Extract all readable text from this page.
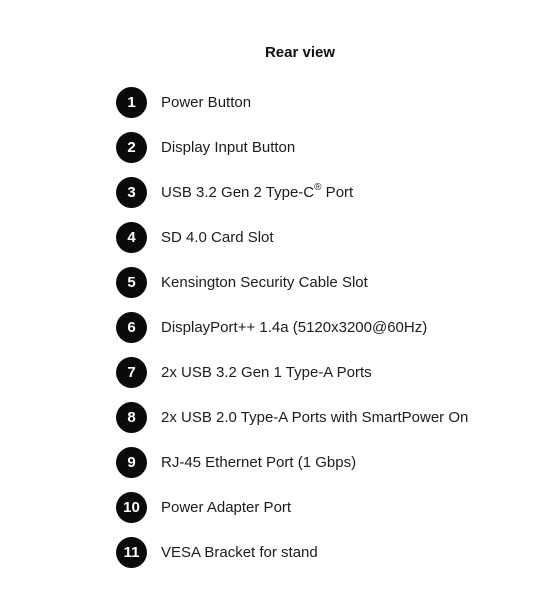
Rear view
1	Power Button
2	Display Input Button
3	USB 3.2 Gen 2 Type-C® Port
4	SD 4.0 Card Slot
5	Kensington Security Cable Slot
6	DisplayPort++ 1.4a (5120x3200@60Hz)
7	2x USB 3.2 Gen 1 Type-A Ports
8	2x USB 2.0 Type-A Ports with SmartPower On
9	RJ-45 Ethernet Port (1 Gbps)
10	Power Adapter Port
11	VESA Bracket for stand
